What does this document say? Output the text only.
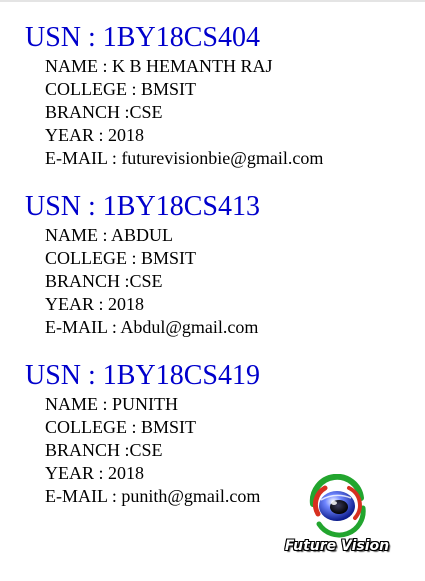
USN : 1BY18CS404
NAME : K B HEMANTH RAJ
COLLEGE : BMSIT
BRANCH :CSE
YEAR : 2018
E-MAIL : futurevisionbie@gmail.com
USN : 1BY18CS413
NAME : ABDUL
COLLEGE : BMSIT
BRANCH :CSE
YEAR : 2018
E-MAIL : Abdul@gmail.com
USN : 1BY18CS419
NAME : PUNITH
COLLEGE : BMSIT
BRANCH :CSE
YEAR : 2018
E-MAIL : punith@gmail.com
Future Vision
